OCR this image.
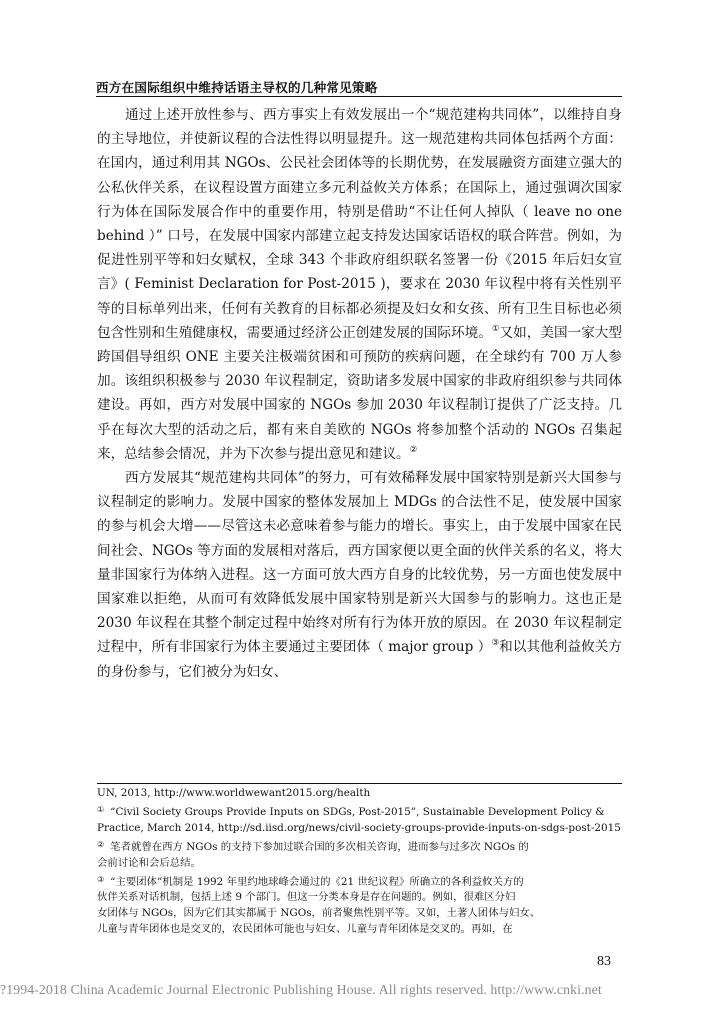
西方在国际组织中维持话语主导权的几种常见策略

通过上述开放性参与、西方事实上有效发展出一个“规范建构共同体”，以维持自身的主导地位，并使新议程的合法性得以明显提升。这一规范建构共同体包括两个方面：在国内，通过利用其 NGOs、公民社会团体等的长期优势，在发展融资方面建立强大的公私伙伴关系，在议程设置方面建立多元利益攸关方体系；在国际上，通过强调次国家行为体在国际发展合作中的重要作用，特别是借助“不让任何人掉队（ leave no one behind ）” 口号，在发展中国家内部建立起支持发达国家话语权的联合阵营。例如，为促进性别平等和妇女赋权，全球 343 个非政府组织联名签署一份《2015 年后妇女宣言》( Feminist Declaration for Post-2015 )，要求在 2030 年议程中将有关性别平等的目标单列出来，任何有关教育的目标都必须提及妇女和女孩、所有卫生目标也必须包含性别和生殖健康权，需要通过经济公正创建发展的国际环境。①又如，美国一家大型跨国倡导组织 ONE 主要关注极端贫困和可预防的疾病问题，在全球约有 700 万人参加。该组织积极参与 2030 年议程制定，资助诸多发展中国家的非政府组织参与共同体建设。再如，西方对发展中国家的 NGOs 参加 2030 年议程制订提供了广泛支持。几乎在每次大型的活动之后，都有来自美欧的 NGOs 将参加整个活动的 NGOs 召集起来，总结参会情况，并为下次参与提出意见和建议。②

西方发展其“规范建构共同体”的努力，可有效稀释发展中国家特别是新兴大国参与议程制定的影响力。发展中国家的整体发展加上 MDGs 的合法性不足，使发展中国家的参与机会大增——尽管这未必意味着参与能力的增长。事实上，由于发展中国家在民间社会、NGOs 等方面的发展相对落后，西方国家便以更全面的伙伴关系的名义，将大量非国家行为体纳入进程。这一方面可放大西方自身的比较优势，另一方面也使发展中国家难以拒绝，从而可有效降低发展中国家特别是新兴大国参与的影响力。这也正是 2030 年议程在其整个制定过程中始终对所有行为体开放的原因。在 2030 年议程制定过程中，所有非国家行为体主要通过主要团体（ major group ）③和以其他利益攸关方的身份参与，它们被分为妇女、

UN, 2013, http://www.worldwewant2015.org/health

① “Civil Society Groups Provide Inputs on SDGs, Post-2015”, Sustainable Development Policy &

Practice, March 2014, http://sd.iisd.org/news/civil-society-groups-provide-inputs-on-sdgs-post-2015

② 笔者就曾在西方 NGOs 的支持下参加过联合国的多次相关咨询，进而参与过多次 NGOs 的

会前讨论和会后总结。

③ “主要团体”机制是 1992 年里约地球峰会通过的《21 世纪议程》所确立的各利益攸关方的

伙伴关系对话机制，包括上述 9 个部门。但这一分类本身是存在问题的。例如，很难区分妇

女团体与 NGOs，因为它们其实都属于 NGOs，前者聚焦性别平等。又如，土著人团体与妇女、

儿童与青年团体也是交叉的，农民团体可能也与妇女、儿童与青年团体是交叉的。再如，在

83
?1994-2018 China Academic Journal Electronic Publishing House. All rights reserved. http://www.cnki.net
